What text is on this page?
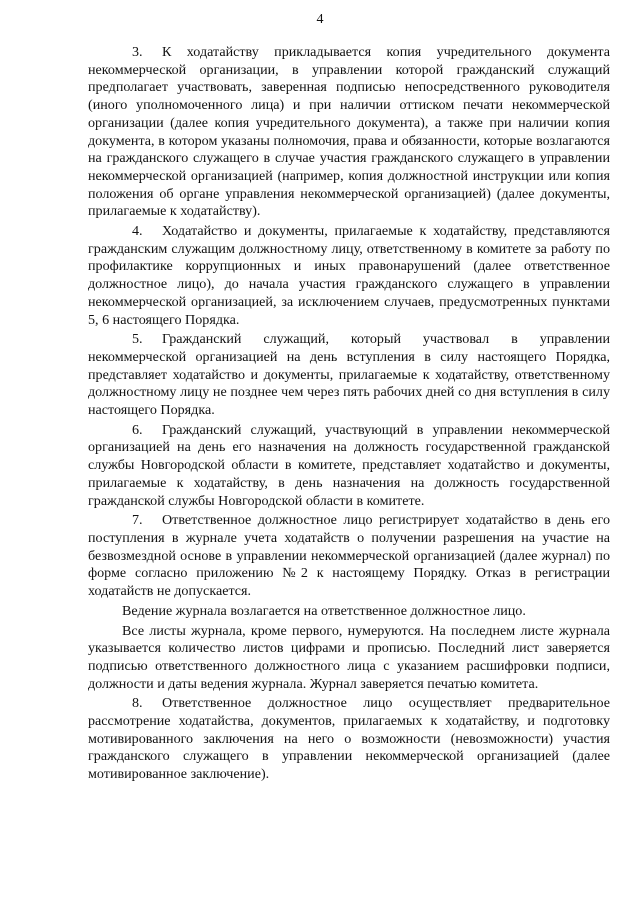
4

3. К ходатайству прикладывается копия учредительного документа некоммерческой организации, в управлении которой гражданский служащий предполагает участвовать, заверенная подписью непосредственного руководителя (иного уполномоченного лица) и при наличии оттиском печати некоммерческой организации (далее копия учредительного документа), а также при наличии копия документа, в котором указаны полномочия, права и обязанности, которые возлагаются на гражданского служащего в случае участия гражданского служащего в управлении некоммерческой организацией (например, копия должностной инструкции или копия положения об органе управления некоммерческой организацией) (далее документы, прилагаемые к ходатайству).

4. Ходатайство и документы, прилагаемые к ходатайству, представляются гражданским служащим должностному лицу, ответственному в комитете за работу по профилактике коррупционных и иных правонарушений (далее ответственное должностное лицо), до начала участия гражданского служащего в управлении некоммерческой организацией, за исключением случаев, предусмотренных пунктами 5, 6 настоящего Порядка.

5. Гражданский служащий, который участвовал в управлении некоммерческой организацией на день вступления в силу настоящего Порядка, представляет ходатайство и документы, прилагаемые к ходатайству, ответственному должностному лицу не позднее чем через пять рабочих дней со дня вступления в силу настоящего Порядка.

6. Гражданский служащий, участвующий в управлении некоммерческой организацией на день его назначения на должность государственной гражданской службы Новгородской области в комитете, представляет ходатайство и документы, прилагаемые к ходатайству, в день назначения на должность государственной гражданской службы Новгородской области в комитете.

7. Ответственное должностное лицо регистрирует ходатайство в день его поступления в журнале учета ходатайств о получении разрешения на участие на безвозмездной основе в управлении некоммерческой организацией (далее журнал) по форме согласно приложению №2 к настоящему Порядку. Отказ в регистрации ходатайств не допускается.

Ведение журнала возлагается на ответственное должностное лицо.

Все листы журнала, кроме первого, нумеруются. На последнем листе журнала указывается количество листов цифрами и прописью. Последний лист заверяется подписью ответственного должностного лица с указанием расшифровки подписи, должности и даты ведения журнала. Журнал заверяется печатью комитета.

8. Ответственное должностное лицо осуществляет предварительное рассмотрение ходатайства, документов, прилагаемых к ходатайству, и подготовку мотивированного заключения на него о возможности (невозможности) участия гражданского служащего в управлении некоммерческой организацией (далее мотивированное заключение).
